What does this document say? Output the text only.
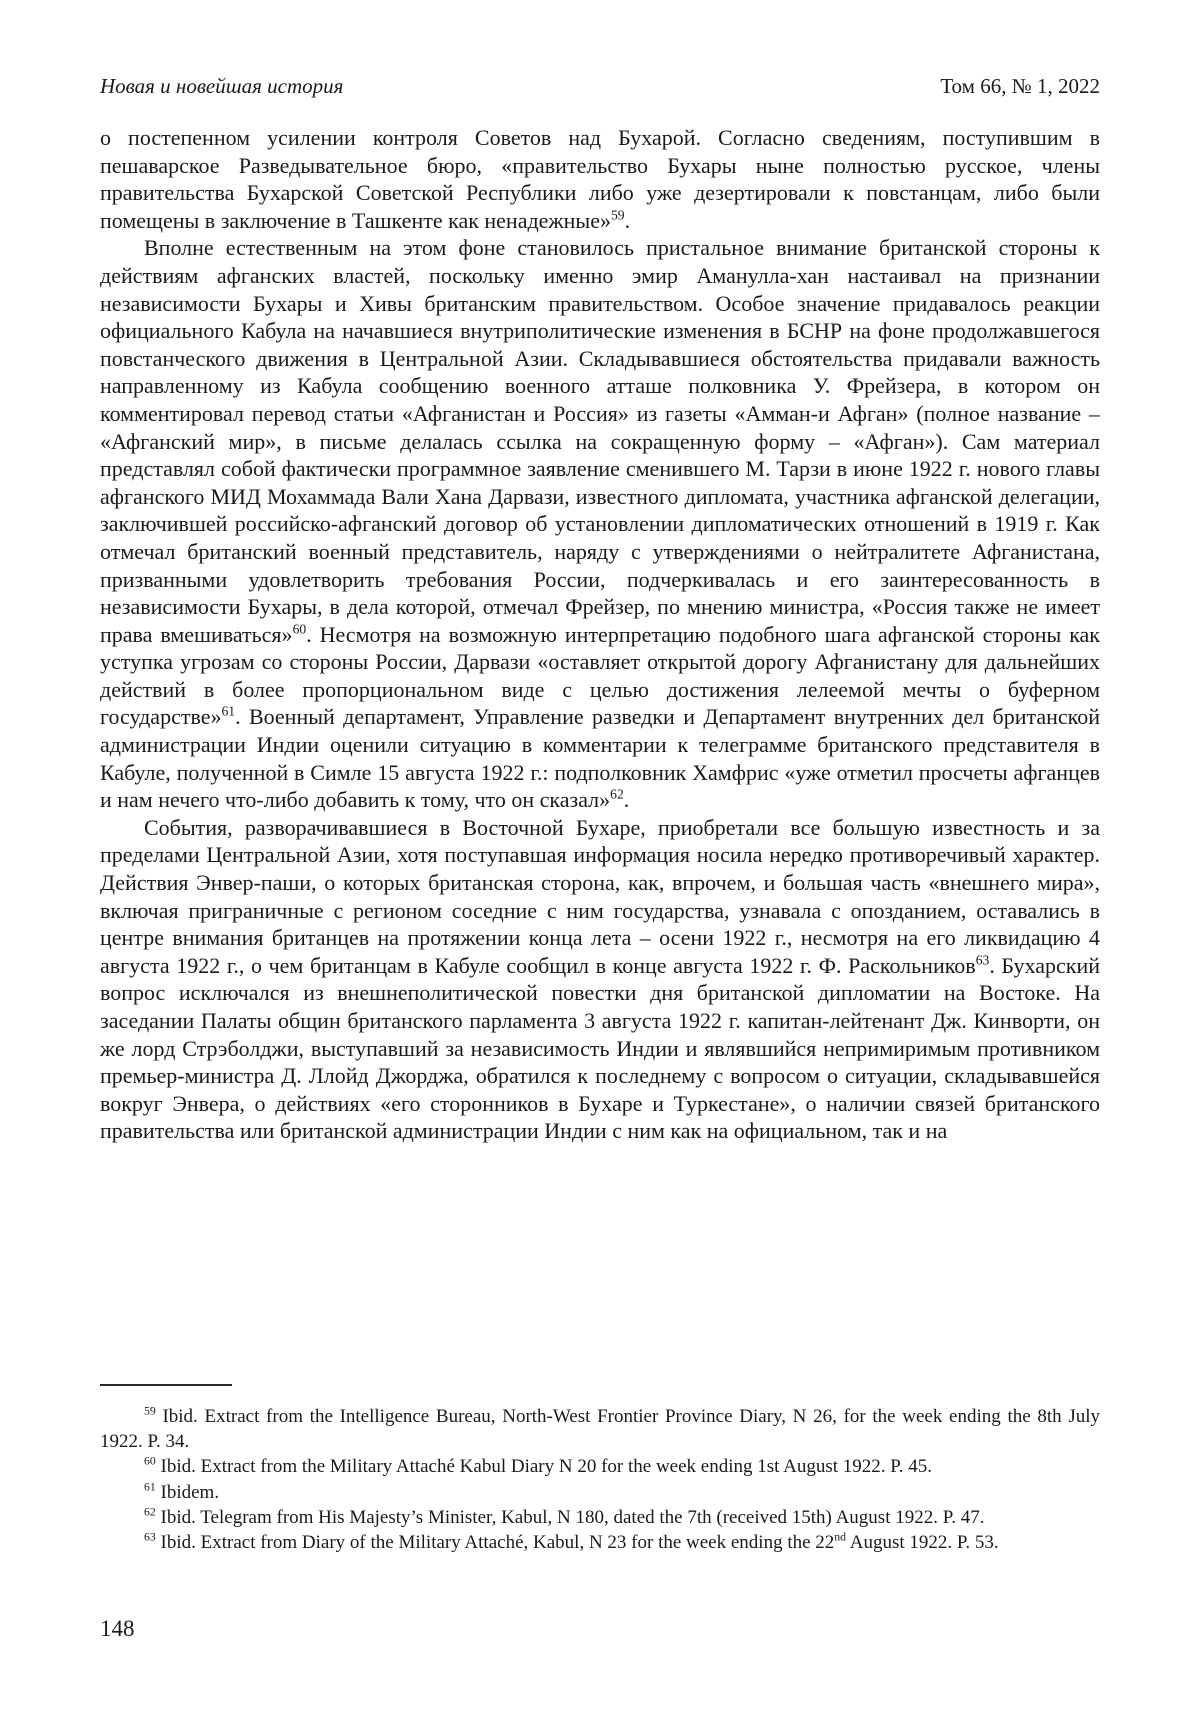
Новая и новейшая история	Том 66, № 1, 2022

о постепенном усилении контроля Советов над Бухарой. Согласно сведениям, поступившим в пешаварское Разведывательное бюро, «правительство Бухары ныне полностью русское, члены правительства Бухарской Советской Республики либо уже дезертировали к повстанцам, либо были помещены в заключение в Ташкенте как ненадежные»$^{59}$.

Вполне естественным на этом фоне становилось пристальное внимание британской стороны к действиям афганских властей, поскольку именно эмир Аманулла-хан настаивал на признании независимости Бухары и Хивы британским правительством. Особое значение придавалось реакции официального Кабула на начавшиеся внутриполитические изменения в БСНР на фоне продолжавшегося повстанческого движения в Центральной Азии. Складывавшиеся обстоятельства придавали важность направленному из Кабула сообщению военного атташе полковника У. Фрейзера, в котором он комментировал перевод статьи «Афганистан и Россия» из газеты «Амман-и Афган» (полное название – «Афганский мир», в письме делалась ссылка на сокращенную форму – «Афган»). Сам материал представлял собой фактически программное заявление сменившего М. Тарзи в июне 1922 г. нового главы афганского МИД Мохаммада Вали Хана Дарвази, известного дипломата, участника афганской делегации, заключившей российско-афганский договор об установлении дипломатических отношений в 1919 г. Как отмечал британский военный представитель, наряду с утверждениями о нейтралитете Афганистана, призванными удовлетворить требования России, подчеркивалась и его заинтересованность в независимости Бухары, в дела которой, отмечал Фрейзер, по мнению министра, «Россия также не имеет права вмешиваться»$^{60}$. Несмотря на возможную интерпретацию подобного шага афганской стороны как уступка угрозам со стороны России, Дарвази «оставляет открытой дорогу Афганистану для дальнейших действий в более пропорциональном виде с целью достижения лелеемой мечты о буферном государстве»$^{61}$. Военный департамент, Управление разведки и Департамент внутренних дел британской администрации Индии оценили ситуацию в комментарии к телеграмме британского представителя в Кабуле, полученной в Симле 15 августа 1922 г.: подполковник Хамфрис «уже отметил просчеты афганцев и нам нечего что-либо добавить к тому, что он сказал»$^{62}$.

События, разворачивавшиеся в Восточной Бухаре, приобретали все большую известность и за пределами Центральной Азии, хотя поступавшая информация носила нередко противоречивый характер. Действия Энвер-паши, о которых британская сторона, как, впрочем, и большая часть «внешнего мира», включая приграничные с регионом соседние с ним государства, узнавала с опозданием, оставались в центре внимания британцев на протяжении конца лета – осени 1922 г., несмотря на его ликвидацию 4 августа 1922 г., о чем британцам в Кабуле сообщил в конце августа 1922 г. Ф. Раскольников$^{63}$. Бухарский вопрос исключался из внешнеполитической повестки дня британской дипломатии на Востоке. На заседании Палаты общин британского парламента 3 августа 1922 г. капитан-лейтенант Дж. Кинворти, он же лорд Стрэболджи, выступавший за независимость Индии и являвшийся непримиримым противником премьер-министра Д. Ллойд Джорджа, обратился к последнему с вопросом о ситуации, складывавшейся вокруг Энвера, о действиях «его сторонников в Бухаре и Туркестане», о наличии связей британского правительства или британской администрации Индии с ним как на официальном, так и на

$^{59}$ Ibid. Extract from the Intelligence Bureau, North-West Frontier Province Diary, N 26, for the week ending the 8th July 1922. P. 34.

$^{60}$ Ibid. Extract from the Military Attaché Kabul Diary N 20 for the week ending 1st August 1922. P. 45.

$^{61}$ Ibidem.

$^{62}$ Ibid. Telegram from His Majesty’s Minister, Kabul, N 180, dated the 7th (received 15th) August 1922. P. 47.

$^{63}$ Ibid. Extract from Diary of the Military Attaché, Kabul, N 23 for the week ending the 22nd August 1922. P. 53.

148
